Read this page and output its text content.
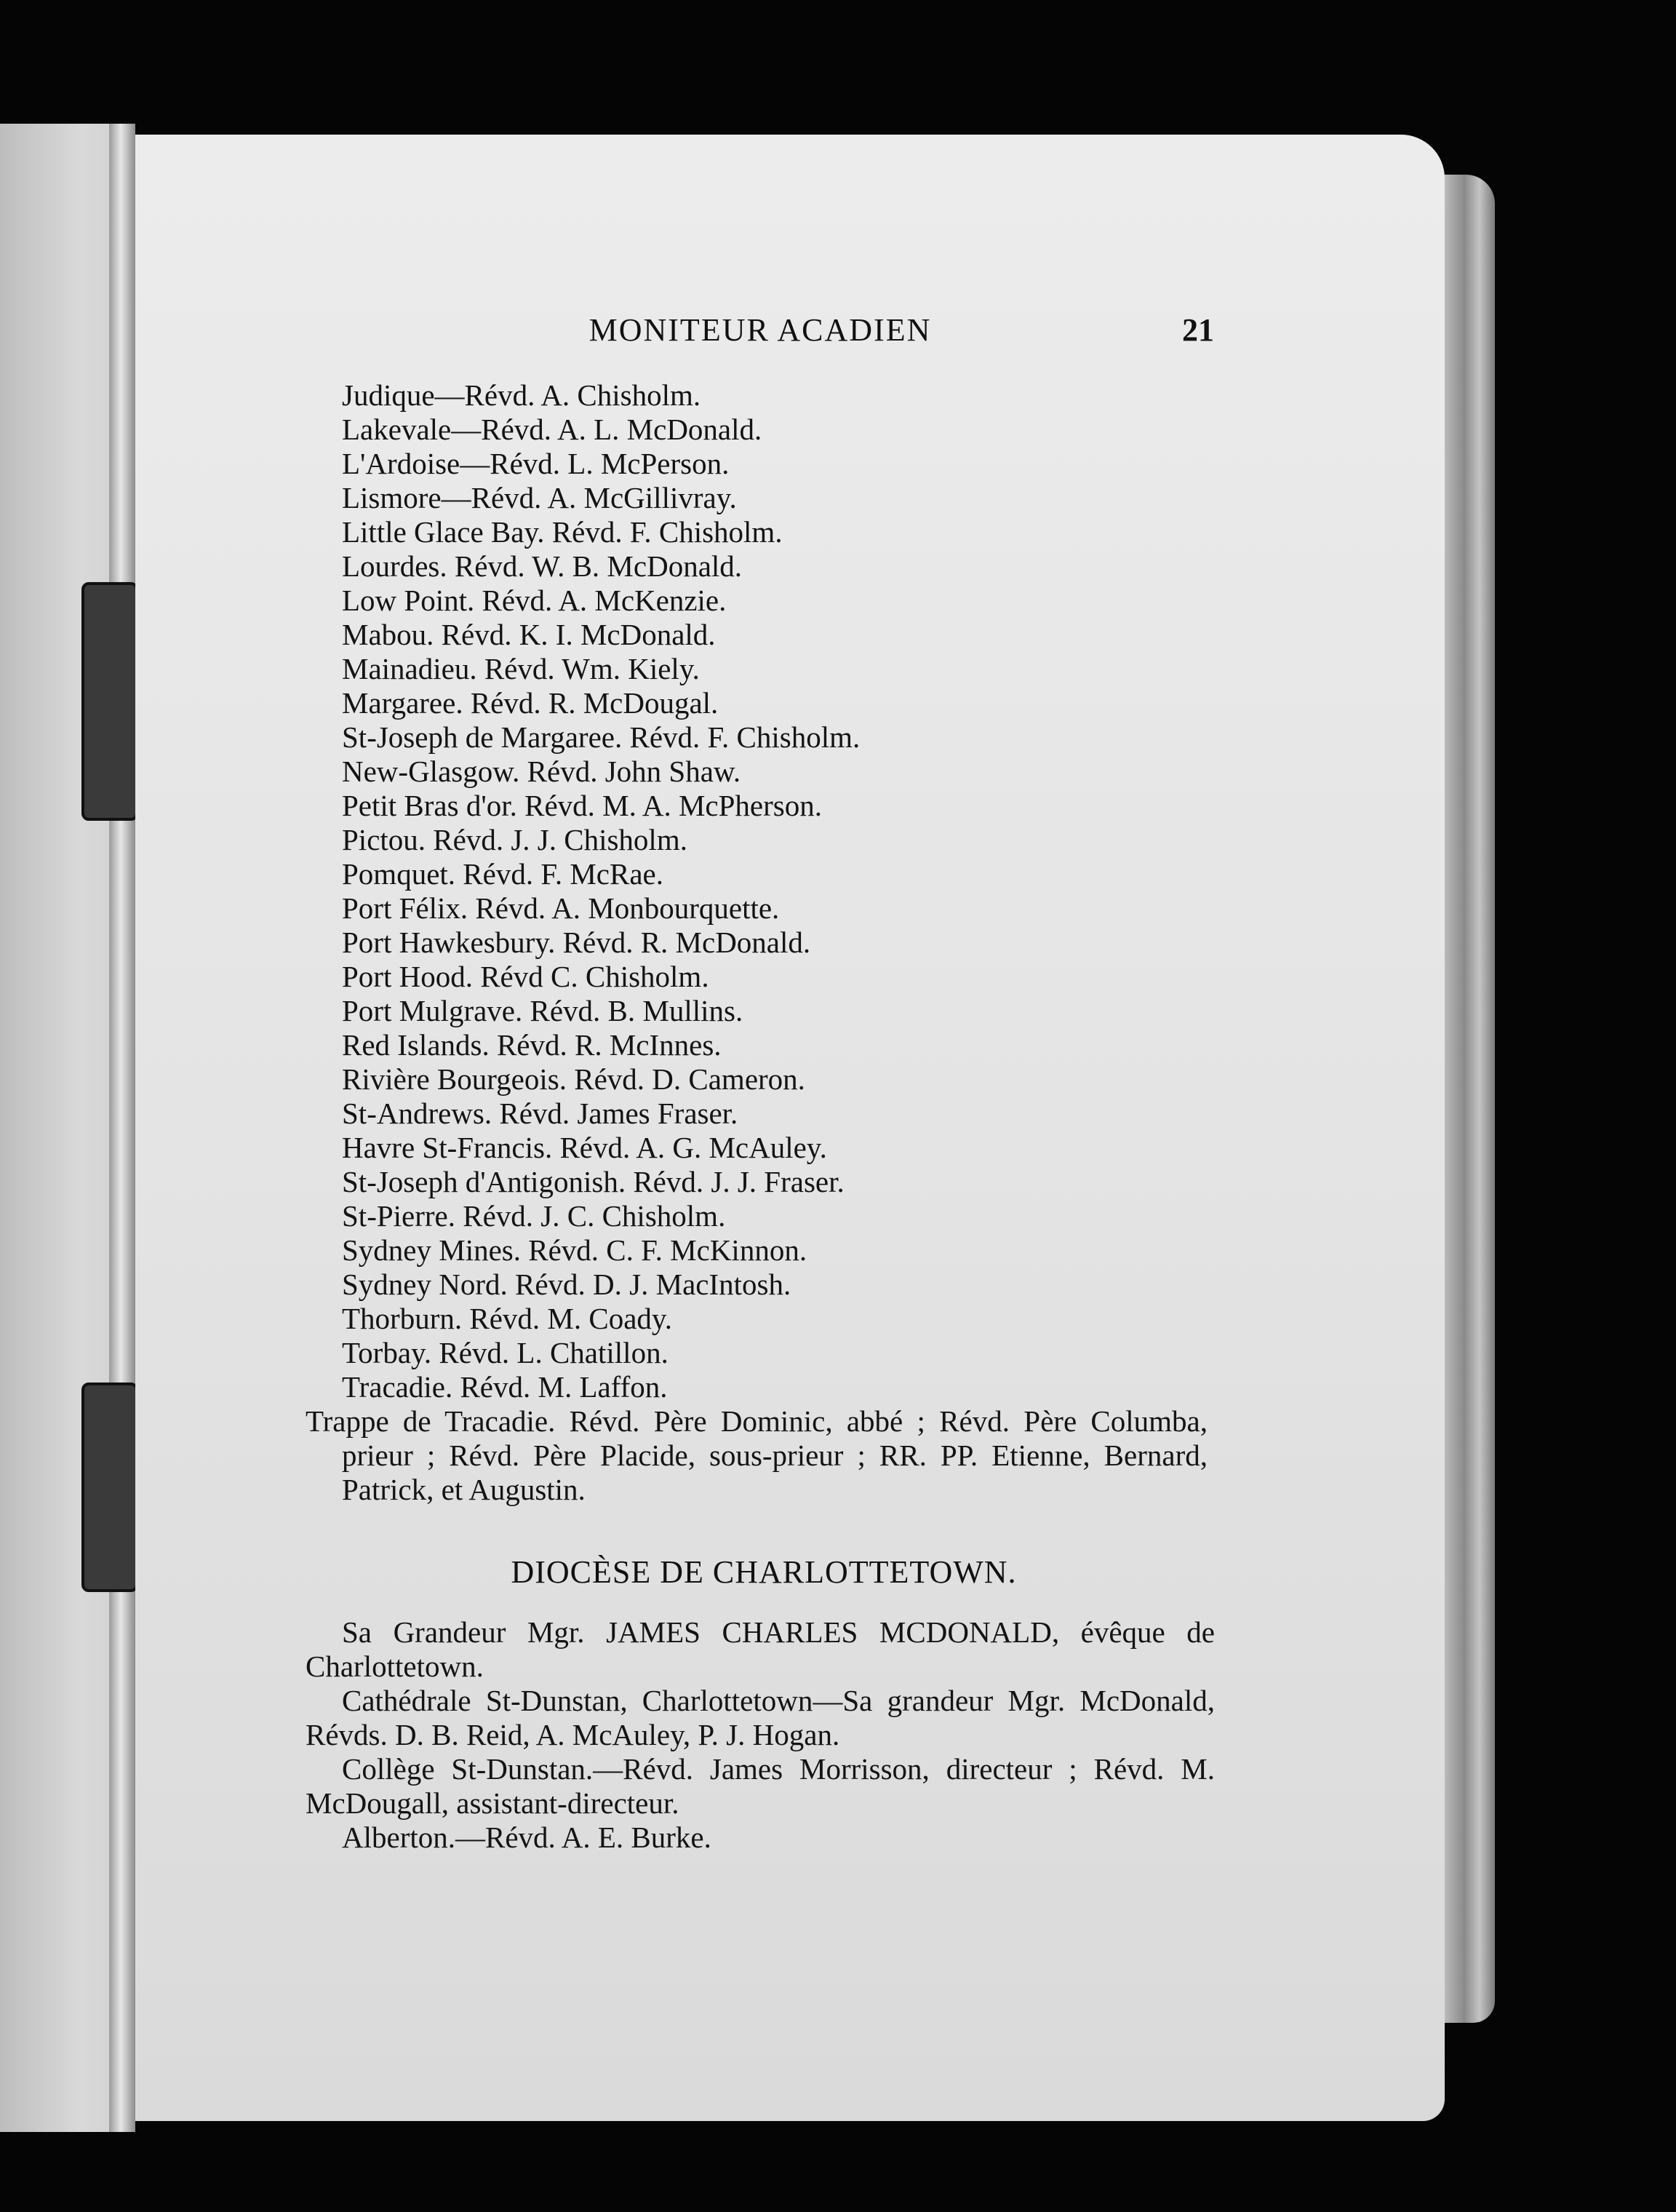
MONITEUR ACADIEN	21
Judique—Révd. A. Chisholm.
Lakevale—Révd. A. L. McDonald.
L'Ardoise—Révd. L. McPerson.
Lismore—Révd. A. McGillivray.
Little Glace Bay. Révd. F. Chisholm.
Lourdes. Révd. W. B. McDonald.
Low Point. Révd. A. McKenzie.
Mabou. Révd. K. I. McDonald.
Mainadieu. Révd. Wm. Kiely.
Margaree. Révd. R. McDougal.
St-Joseph de Margaree. Révd. F. Chisholm.
New-Glasgow. Révd. John Shaw.
Petit Bras d'or. Révd. M. A. McPherson.
Pictou. Révd. J. J. Chisholm.
Pomquet. Révd. F. McRae.
Port Félix. Révd. A. Monbourquette.
Port Hawkesbury. Révd. R. McDonald.
Port Hood. Révd C. Chisholm.
Port Mulgrave. Révd. B. Mullins.
Red Islands. Révd. R. McInnes.
Rivière Bourgeois. Révd. D. Cameron.
St-Andrews. Révd. James Fraser.
Havre St-Francis. Révd. A. G. McAuley.
St-Joseph d'Antigonish. Révd. J. J. Fraser.
St-Pierre. Révd. J. C. Chisholm.
Sydney Mines. Révd. C. F. McKinnon.
Sydney Nord. Révd. D. J. MacIntosh.
Thorburn. Révd. M. Coady.
Torbay. Révd. L. Chatillon.
Tracadie. Révd. M. Laffon.
Trappe de Tracadie. Révd. Père Dominic, abbé ; Révd. Père Columba, prieur ; Révd. Père Placide, sous-prieur ; RR. PP. Etienne, Bernard, Patrick, et Augustin.
DIOCÈSE DE CHARLOTTETOWN.
Sa Grandeur Mgr. JAMES CHARLES MCDONALD, évêque de Charlottetown.
Cathédrale St-Dunstan, Charlottetown—Sa grandeur Mgr. McDonald, Révds. D. B. Reid, A. McAuley, P. J. Hogan.
Collège St-Dunstan.—Révd. James Morrisson, directeur ; Révd. M. McDougall, assistant-directeur.
Alberton.—Révd. A. E. Burke.
